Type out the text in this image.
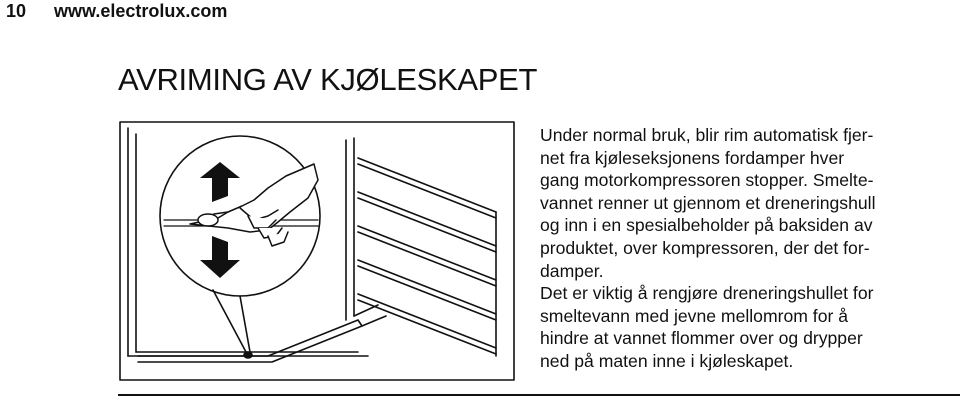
10 www.electrolux.com
AVRIMING AV KJØLESKAPET

Under normal bruk, blir rim automatisk fjer-

net fra kjøleseksjonens fordamper hver

gang motorkompressoren stopper. Smelte-

vannet renner ut gjennom et dreneringshull

og inn i en spesialbeholder på baksiden av

produktet, over kompressoren, der det for-

damper.

Det er viktig å rengjøre dreneringshullet for

smeltevann med jevne mellomrom for å

hindre at vannet flommer over og drypper

ned på maten inne i kjøleskapet.
